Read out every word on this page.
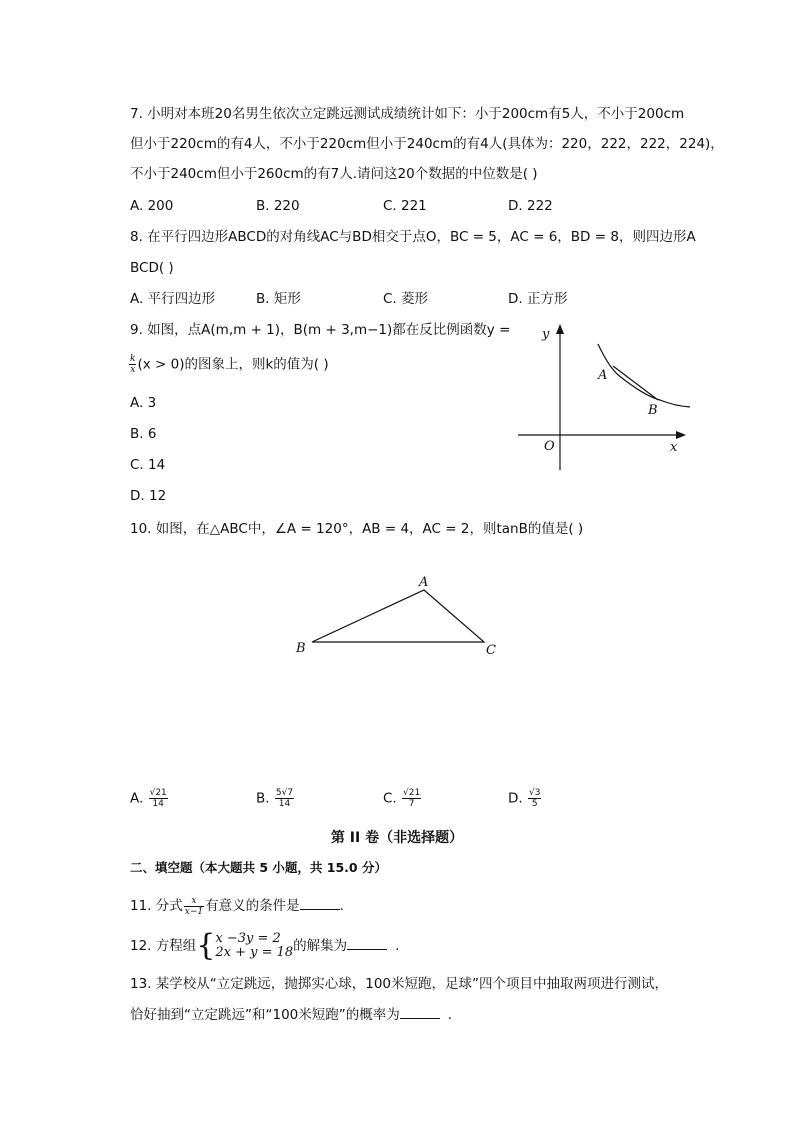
7. 小明对本班20名男生依次立定跳远测试成绩统计如下：小于200cm有5人，不小于200cm
但小于220cm的有4人，不小于220cm但小于240cm的有4人(具体为：220，222，222，224)，
不小于240cm但小于260cm的有7人.请问这20个数据的中位数是( )
A. 200	B. 220	C. 221	D. 222
8. 在平行四边形ABCD的对角线AC与BD相交于点O，BC = 5，AC = 6，BD = 8，则四边形A
BCD( )
A. 平行四边形	B. 矩形	C. 菱形	D. 正方形
9. 如图，点A(m,m + 1)，B(m + 3,m−1)都在反比例函数y =
$\frac{k}{x} (x > 0)$的图象上，则k的值为( )
A. 3
B. 6
C. 14
D. 12
y
x
O
A
B
10. 如图，在△ABC中，∠A = 120°，AB = 4，AC = 2，则tanB的值是( )
A
B	C
A. $\frac{√21}{14}$	B. $\frac{5√7}{14}$	C. $\frac{√21}{7}$	D. $\frac{√3}{5}$
第 II 卷（非选择题）
二、填空题（本大题共 5 小题，共 15.0 分）
11. 分式 $\frac{x}{x-1}$ 有意义的条件是	.
12. 方程组{ x −3y = 2
2x + y = 18 的解集为	.
13. 某学校从“立定跳远，抛掷实心球，100米短跑，足球”四个项目中抽取两项进行测试，
恰好抽到“立定跳远”和“100米短跑”的概率为	.
